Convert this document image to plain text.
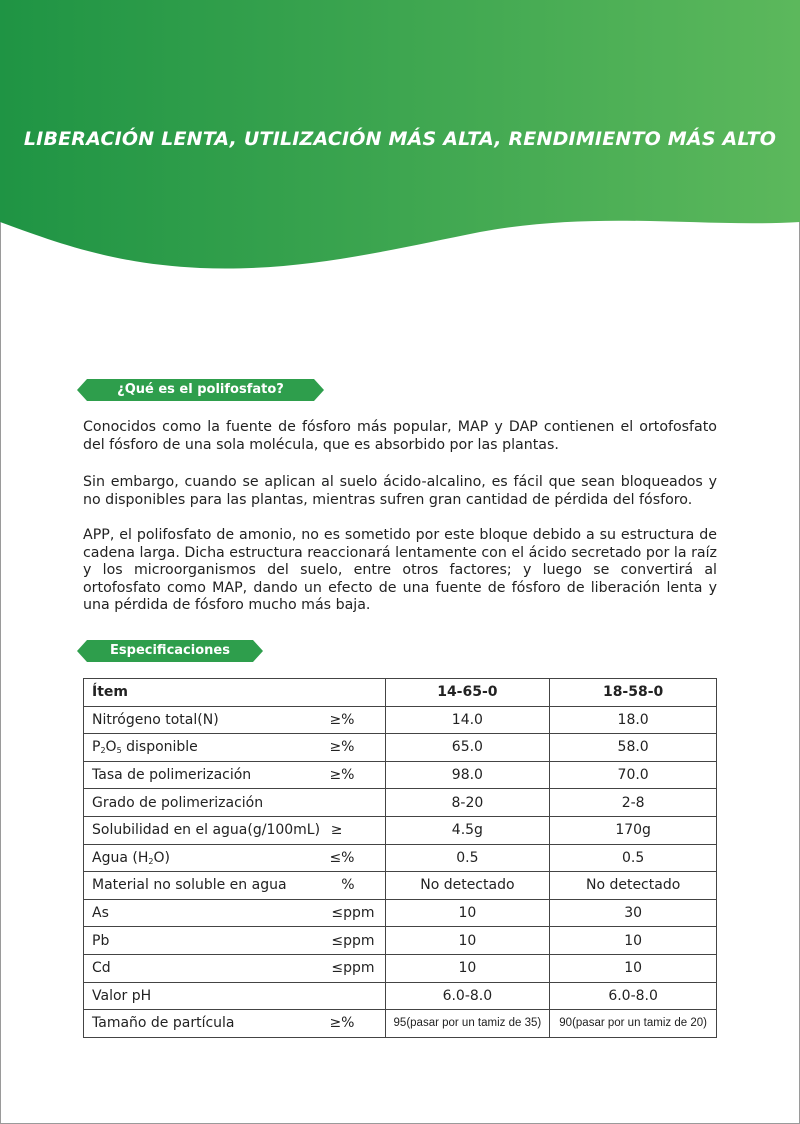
LIBERACIÓN LENTA, UTILIZACIÓN MÁS ALTA, RENDIMIENTO MÁS ALTO
¿Qué es el polifosfato?

Conocidos como la fuente de fósforo más popular, MAP y DAP contienen el ortofosfato del fósforo de una sola molécula, que es absorbido por las plantas.

Sin embargo, cuando se aplican al suelo ácido-alcalino, es fácil que sean bloqueados y no disponibles para las plantas, mientras sufren gran cantidad de pérdida del fósforo.

APP, el polifosfato de amonio, no es sometido por este bloque debido a su estructura de cadena larga. Dicha estructura reaccionará lentamente con el ácido secretado por la raíz y los microorganismos del suelo, entre otros factores; y luego se convertirá al ortofosfato como MAP, dando un efecto de una fuente de fósforo de liberación lenta y una pérdida de fósforo mucho más baja.

Especificaciones
Ítem	14-65-0	18-58-0
Nitrógeno total(N) ≥%	14.0	18.0
$P_2O_5$ disponible ≥%	65.0	58.0
Tasa de polimerización ≥%	98.0	70.0
Grado de polimerización	8-20	2-8
Solubilidad en el agua(g/100mL) ≥	4.5g	170g
Agua $(H_2O)$ ≤%	0.5	0.5
Material no soluble en agua %	No detectado	No detectado
As ≤ppm	10	30
Pb ≤ppm	10	10
Cd ≤ppm	10	10
Valor pH	6.0-8.0	6.0-8.0
Tamaño de partícula ≥%	95(pasar por un tamiz de 35)	90(pasar por un tamiz de 20)
